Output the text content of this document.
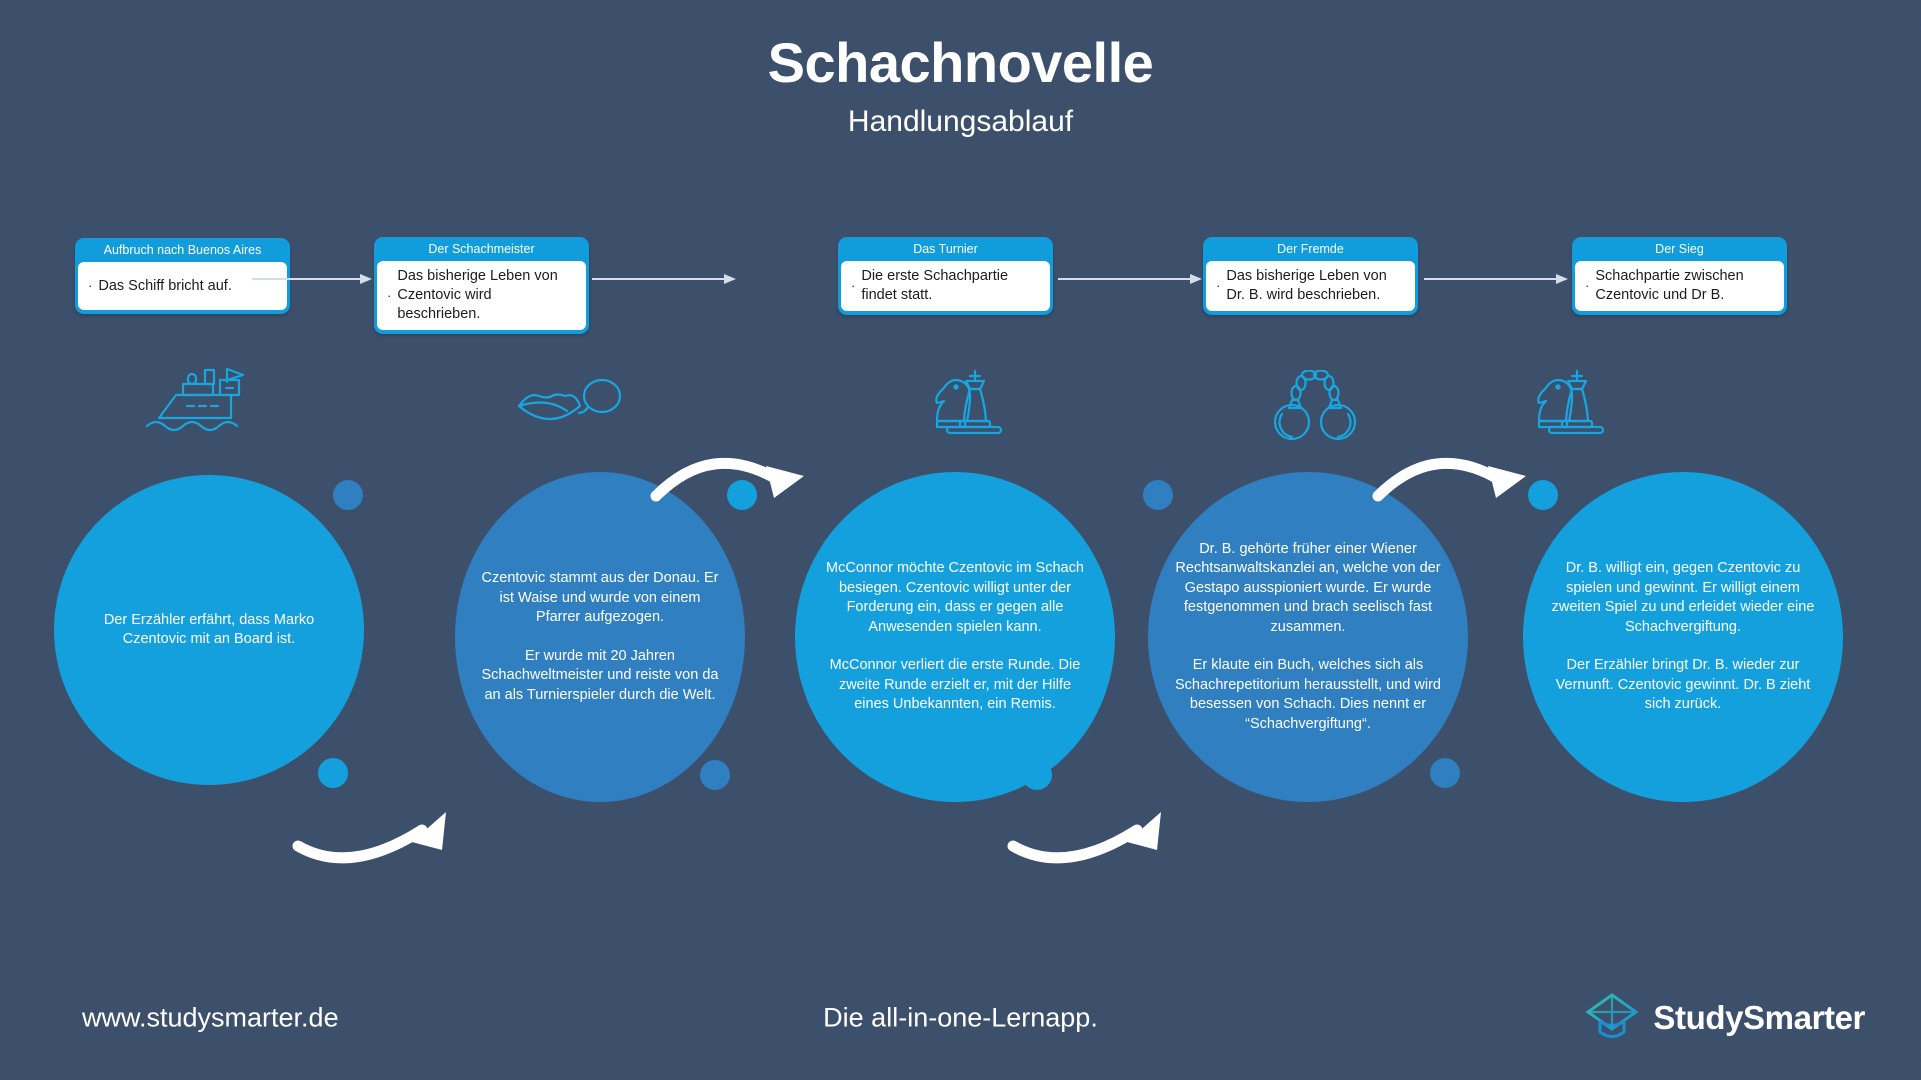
Schachnovelle
Handlungsablauf
Aufbruch nach Buenos Aires
· Das Schiff bricht auf.
Der Schachmeister
·
Das bisherige Leben von Czentovic wird beschrieben.
Das Turnier
·
Die erste Schachpartie findet statt.
Der Fremde
·
Das bisherige Leben von Dr. B. wird beschrieben.
Der Sieg
·
Schachpartie zwischen Czentovic und Dr B.

Der Erzähler erfährt, dass Marko Czentovic mit an Board ist.

Czentovic stammt aus der Donau. Er ist Waise und wurde von einem Pfarrer aufgezogen.

Er wurde mit 20 Jahren Schachweltmeister und reiste von da an als Turnierspieler durch die Welt.

McConnor möchte Czentovic im Schach besiegen. Czentovic willigt unter der Forderung ein, dass er gegen alle Anwesenden spielen kann.

McConnor verliert die erste Runde. Die zweite Runde erzielt er, mit der Hilfe eines Unbekannten, ein Remis.

Dr. B. gehörte früher einer Wiener Rechtsanwaltskanzlei an, welche von der Gestapo ausspioniert wurde. Er wurde festgenommen und brach seelisch fast zusammen.

Er klaute ein Buch, welches sich als Schachrepetitorium herausstellt, und wird besessen von Schach. Dies nennt er “Schachvergiftung“.

Dr. B. willigt ein, gegen Czentovic zu spielen und gewinnt. Er willigt einem zweiten Spiel zu und erleidet wieder eine Schachvergiftung.

Der Erzähler bringt Dr. B. wieder zur Vernunft. Czentovic gewinnt. Dr. B zieht sich zurück.

www.studysmarter.de	Die all-in-one-Lernapp.	StudySmarter
